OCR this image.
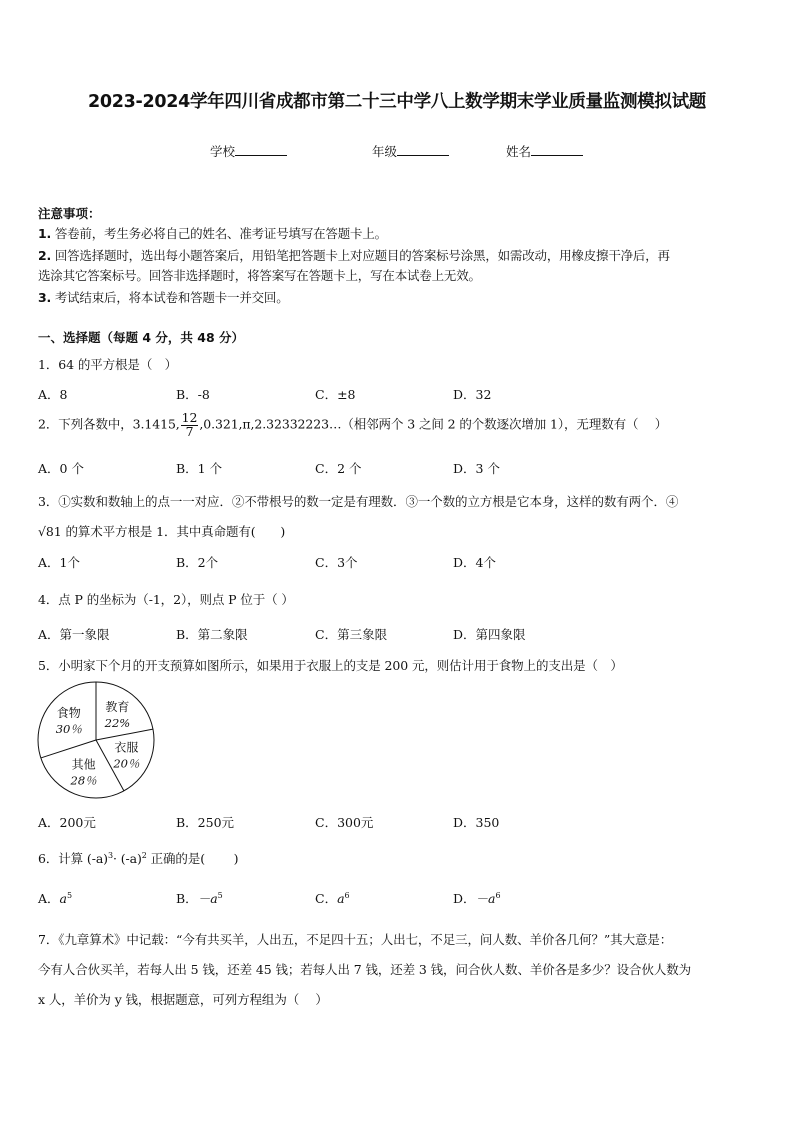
2023-2024学年四川省成都市第二十三中学八上数学期末学业质量监测模拟试题
学校	年级	姓名
注意事项：
1. 答卷前，考生务必将自己的姓名、准考证号填写在答题卡上。
2. 回答选择题时，选出每小题答案后，用铅笔把答题卡上对应题目的答案标号涂黑，如需改动，用橡皮擦干净后，再
选涂其它答案标号。回答非选择题时，将答案写在答题卡上，写在本试卷上无效。
3. 考试结束后，将本试卷和答题卡一并交回。
一、选择题（每题 4 分，共 48 分）
1．64 的平方根是（　）
A．8	B．-8	C．±8	D．32
2．下列各数中，3.1415, $\frac{12}{7}$ ,0.321,π,2.32332223…（相邻两个 3 之间 2 的个数逐次增加 1），无理数有（　 ）
A．0 个	B．1 个	C．2 个	D．3 个
3．①实数和数轴上的点一一对应．②不带根号的数一定是有理数．③一个数的立方根是它本身，这样的数有两个．④
√81 的算术平方根是 1．其中真命题有(　　)
A．1个	B．2个	C．3个	D．4个
4．点 P 的坐标为（-1，2），则点 P 位于（ ）
A．第一象限	B．第二象限	C．第三象限	D．第四象限
5．小明家下个月的开支预算如图所示，如果用于衣服上的支是 200 元，则估计用于食物上的支出是（　）
教育
22%
衣服
20％
其他
28％
食物
30％
A．200元	B．250元	C．300元	D．350
6．计算 $(-a)^3\cdot (-a)^2$ 正确的是(　　 )
A．$a^5$	B．$-a^5$	C．$a^6$	D．$-a^6$
7．《九章算术》中记载：“今有共买羊，人出五，不足四十五；人出七，不足三，问人数、羊价各几何？”其大意是：
今有人合伙买羊，若每人出 5 钱，还差 45 钱；若每人出 7 钱，还差 3 钱，问合伙人数、羊价各是多少？设合伙人数为
x 人，羊价为 y 钱，根据题意，可列方程组为（　 ）
